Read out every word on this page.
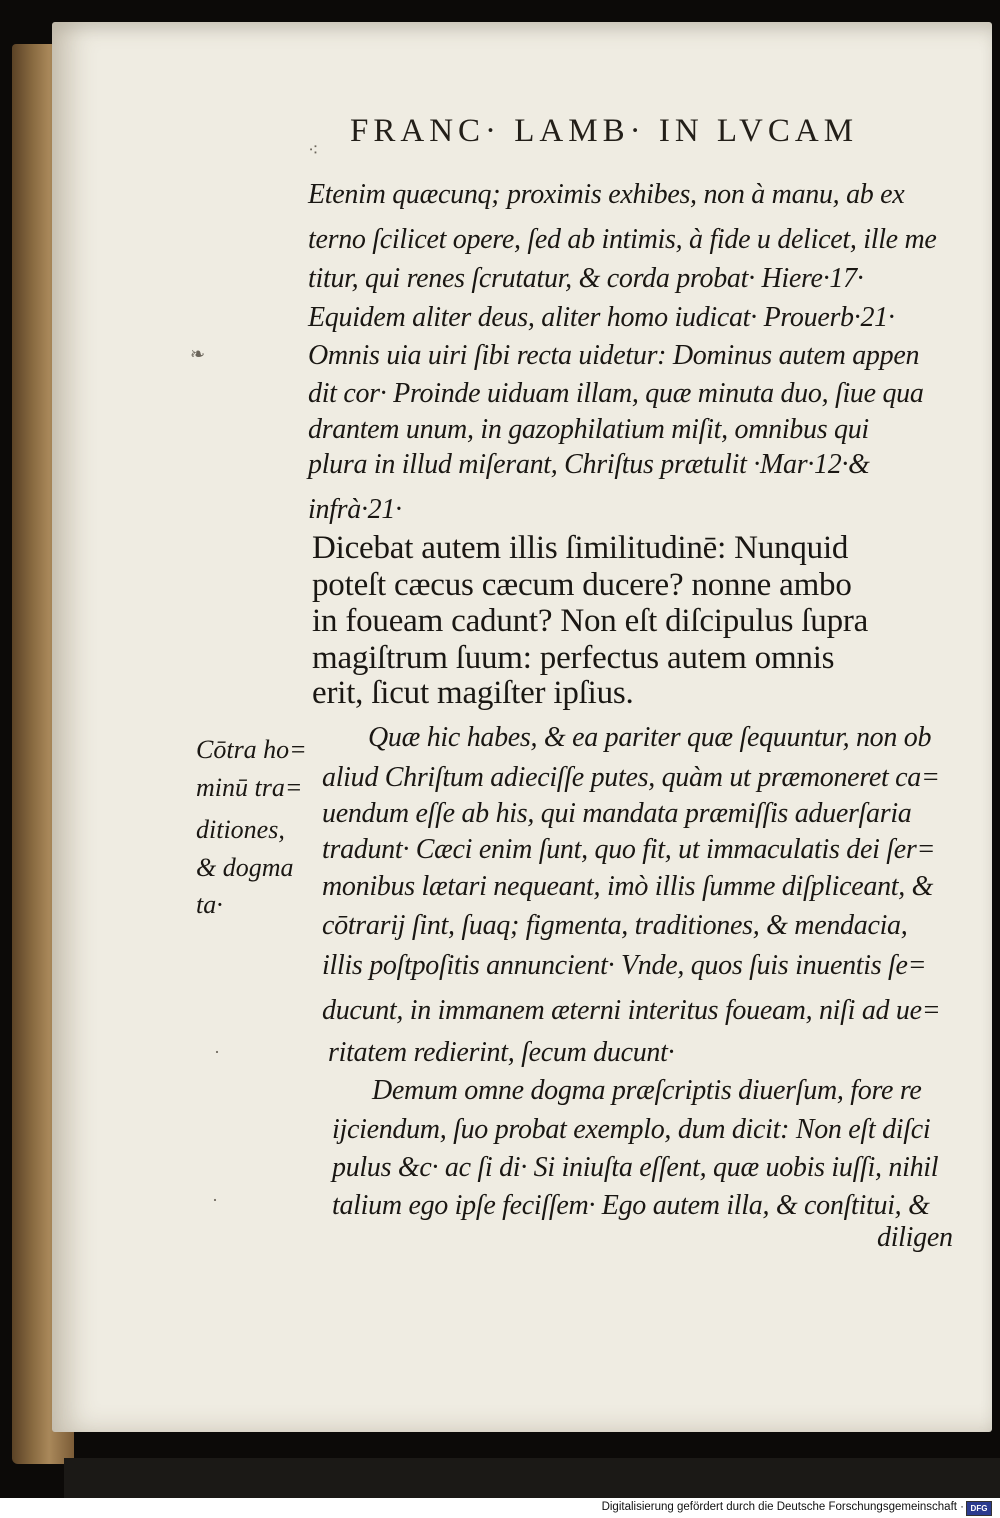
FRANC· LAMB· IN LVCAM
⁖
Etenim quæcunq; proximis exhibes, non à manu, ab ex
terno ſcilicet opere, ſed ab intimis, à fide u delicet, ille me
titur, qui renes ſcrutatur, & corda probat· Hiere·17·
Equidem aliter deus, aliter homo iudicat· Prouerb·21·
Omnis uia uiri ſibi recta uidetur: Dominus autem appen
dit cor· Proinde uiduam illam, quæ minuta duo, ſiue qua
drantem unum, in gazophilatium miſit, omnibus qui
plura in illud miſerant, Chriſtus prætulit ·Mar·12·&
infrà·21·
Dicebat autem illis ſimilitudinē: Nunquid
poteſt cæcus cæcum ducere? nonne ambo
in foueam cadunt? Non eſt diſcipulus ſupra
magiſtrum ſuum: perfectus autem omnis
erit, ſicut magiſter ipſius.
Cōtra ho=
minū tra=
ditiones,
& dogma
ta·
Quæ hic habes, & ea pariter quæ ſequuntur, non ob
aliud Chriſtum adieciſſe putes, quàm ut præmoneret ca=
uendum eſſe ab his, qui mandata præmiſſis aduerſaria
tradunt· Cæci enim ſunt, quo fit, ut immaculatis dei ſer=
monibus lætari nequeant, imò illis ſumme diſpliceant, &
cōtrarij ſint, ſuaq; figmenta, traditiones, & mendacia,
illis poſtpoſitis annuncient· Vnde, quos ſuis inuentis ſe=
ducunt, in immanem æterni interitus foueam, niſi ad ue=
ritatem redierint, ſecum ducunt·
Demum omne dogma præſcriptis diuerſum, fore re
ijciendum, ſuo probat exemplo, dum dicit: Non eſt diſci
pulus &c· ac ſi di· Si iniuſta eſſent, quæ uobis iuſſi, nihil
talium ego ipſe feciſſem· Ego autem illa, & conſtitui, &
diligen
❧
·
·
Digitalisierung gefördert durch die Deutsche Forschungsgemeinschaft · DFG
